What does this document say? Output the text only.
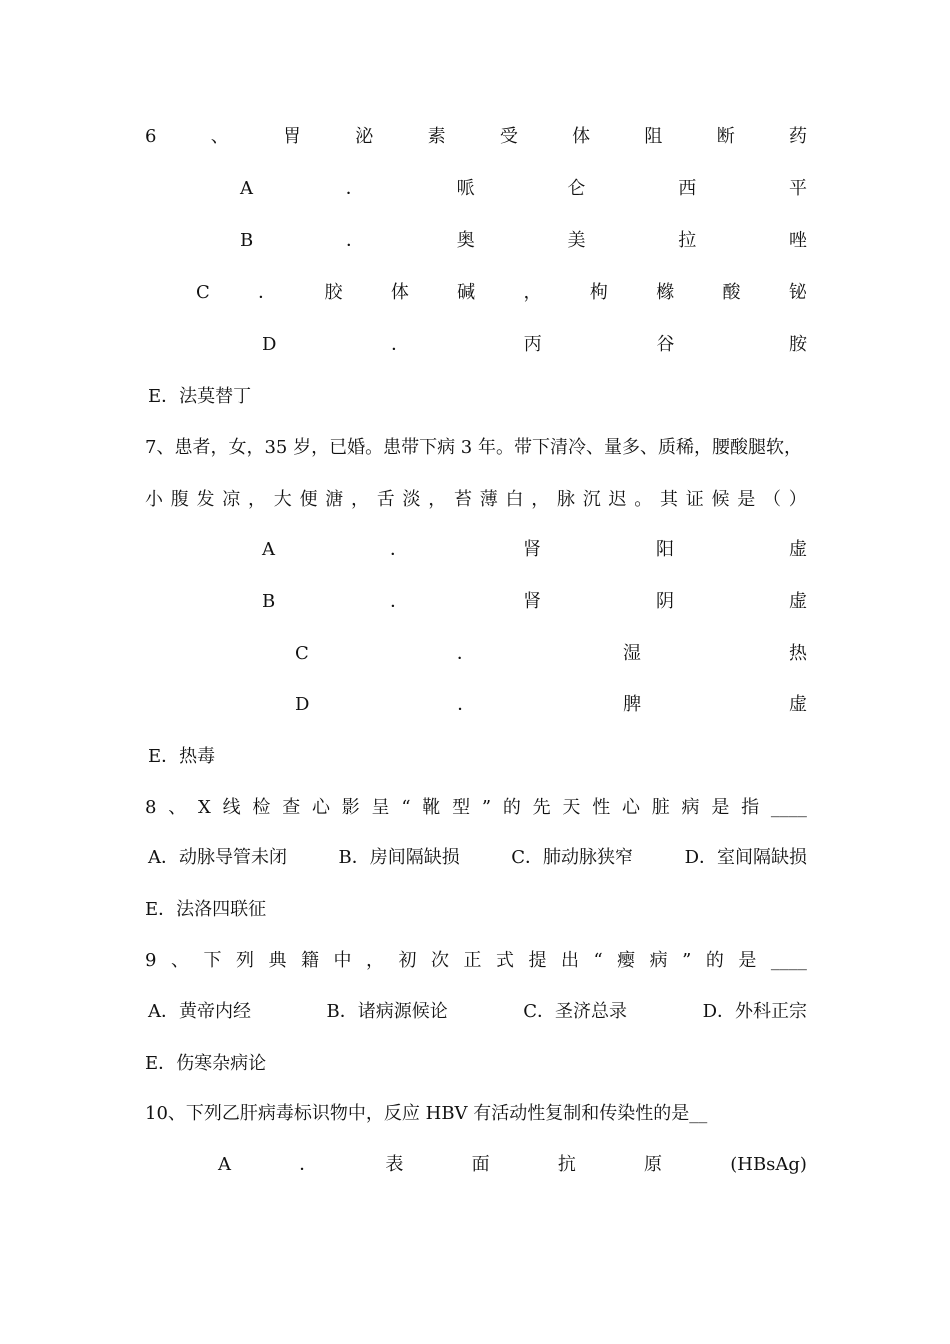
6	、	胃	泌	素	受	体	阻	断	药
A	．	哌	仑	西	平
B	．	奥	美	拉	唑
C	．	胶	体	碱	，	枸	橼	酸	铋
D	．	丙	谷	胺
E．法莫替丁
7、患者，女，35 岁，已婚。患带下病 3 年。带下清冷、量多、质稀，腰酸腿软，
小 腹 发 凉 ， 大 便 溏 ， 舌 淡 ， 苔 薄 白 ， 脉 沉 迟 。 其 证 候 是 （ ）
A	．	肾	阳	虚
B	．	肾	阴	虚
C	．	湿	热
D	．	脾	虚
E．热毒
8 、 X 线 检 查 心 影 呈 “ 靴 型 ” 的 先 天 性 心 脏 病 是 指 ____
A．动脉导管未闭	B．房间隔缺损	C．肺动脉狭窄	D．室间隔缺损
E．法洛四联征
9 、 下 列 典 籍 中 ， 初 次 正 式 提 出 “ 瘿 病 ” 的 是 ____
A．黄帝内经	B．诸病源候论	C．圣济总录	D．外科正宗
E．伤寒杂病论
10、下列乙肝病毒标识物中，反应 HBV 有活动性复制和传染性的是__
A	．	表	面	抗	原	(HBsAg)
